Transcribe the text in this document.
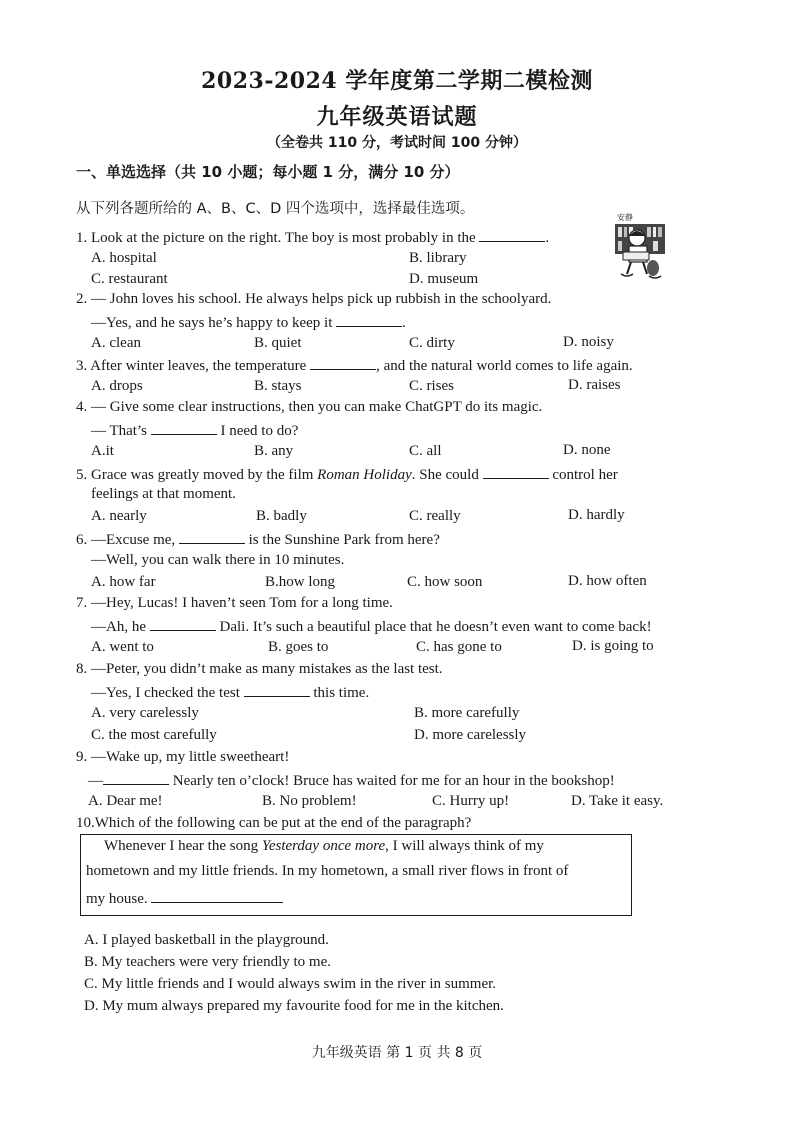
2023-2024 学年度第二学期二模检测
九年级英语试题
（全卷共 110 分，考试时间 100 分钟）
一、单选选择（共 10 小题；每小题 1 分，满分 10 分）
从下列各题所给的 A、B、C、D 四个选项中，选择最佳选项。
1. Look at the picture on the right. The boy is most probably in the	.
A. hospital	B. library
C. restaurant	D. museum
安静
2. — John loves his school. He always helps pick up rubbish in the schoolyard.
—Yes, and he says he’s happy to keep it	.
A. clean	B. quiet	C. dirty	D. noisy
3. After winter leaves, the temperature	, and the natural world comes to life again.
A. drops	B. stays	C. rises	D. raises
4. — Give some clear instructions, then you can make ChatGPT do its magic.
— That’s	I need to do?
A.it	B. any	C. all	D. none
5. Grace was greatly moved by the film Roman Holiday. She could	control her
feelings at that moment.
A. nearly	B. badly	C. really	D. hardly
6. —Excuse me,	is the Sunshine Park from here?
—Well, you can walk there in 10 minutes.
A. how far	B.how long	C. how soon	D. how often
7. —Hey, Lucas! I haven’t seen Tom for a long time.
—Ah, he	Dali. It’s such a beautiful place that he doesn’t even want to come back!
A. went to	B. goes to	C. has gone to	D. is going to
8. —Peter, you didn’t make as many mistakes as the last test.
—Yes, I checked the test	this time.
A. very carelessly	B. more carefully
C. the most carefully	D. more carelessly
9. —Wake up, my little sweetheart!
—	Nearly ten o’clock! Bruce has waited for me for an hour in the bookshop!
A. Dear me!	B. No problem!	C. Hurry up!	D. Take it easy.
10.Which of the following can be put at the end of the paragraph?
Whenever I hear the song Yesterday once more, I will always think of my
hometown and my little friends. In my hometown, a small river flows in front of
my house.
A. I played basketball in the playground.
B. My teachers were very friendly to me.
C. My little friends and I would always swim in the river in summer.
D. My mum always prepared my favourite food for me in the kitchen.
九年级英语 第 1 页 共 8 页
